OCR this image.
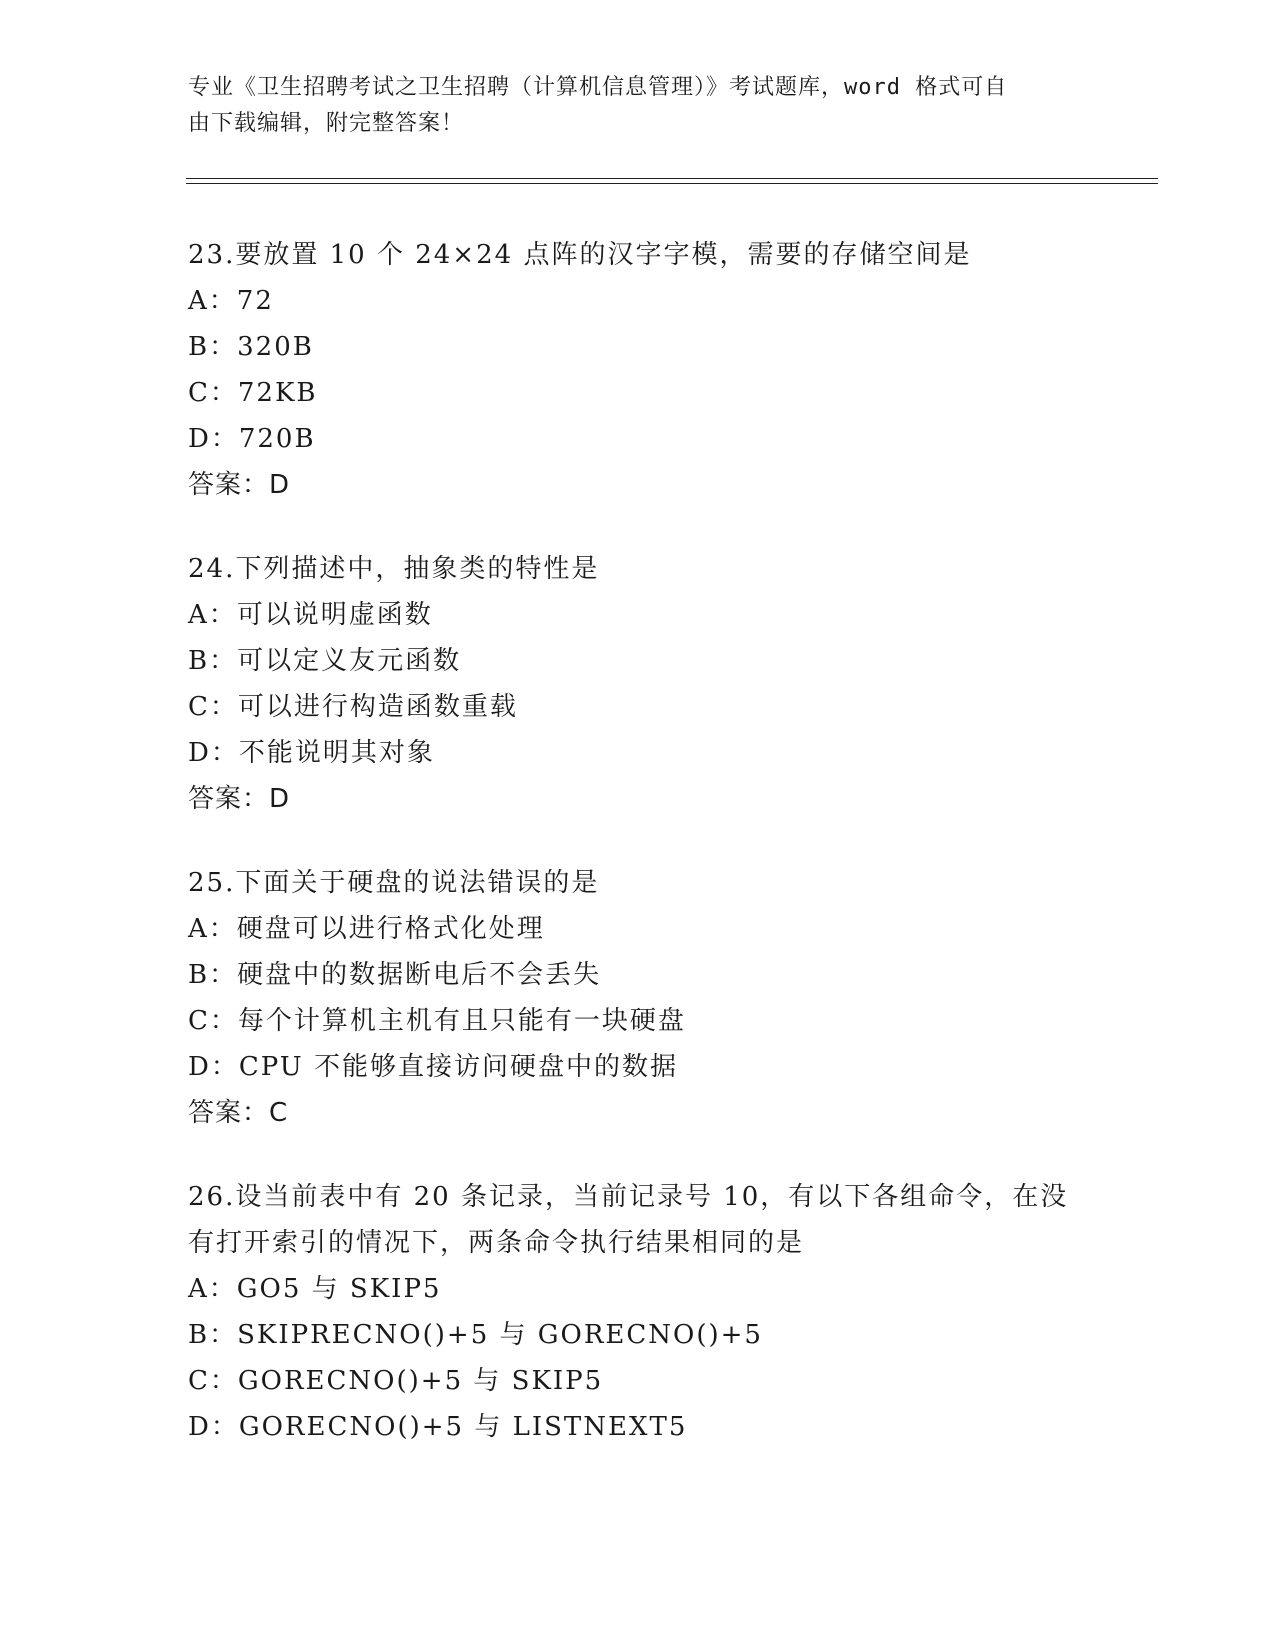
专业《卫生招聘考试之卫生招聘（计算机信息管理）》考试题库，word 格式可自
由下载编辑，附完整答案！
23.要放置 10 个 24×24 点阵的汉字字模，需要的存储空间是
A：72
B：320B
C：72KB
D：720B
答案：D
24.下列描述中，抽象类的特性是
A：可以说明虚函数
B：可以定义友元函数
C：可以进行构造函数重载
D：不能说明其对象
答案：D
25.下面关于硬盘的说法错误的是
A：硬盘可以进行格式化处理
B：硬盘中的数据断电后不会丢失
C：每个计算机主机有且只能有一块硬盘
D：CPU 不能够直接访问硬盘中的数据
答案：C
26.设当前表中有 20 条记录，当前记录号 10，有以下各组命令，在没
有打开索引的情况下，两条命令执行结果相同的是
A：GO5 与 SKIP5
B：SKIPRECNO()+5 与 GORECNO()+5
C：GORECNO()+5 与 SKIP5
D：GORECNO()+5 与 LISTNEXT5
